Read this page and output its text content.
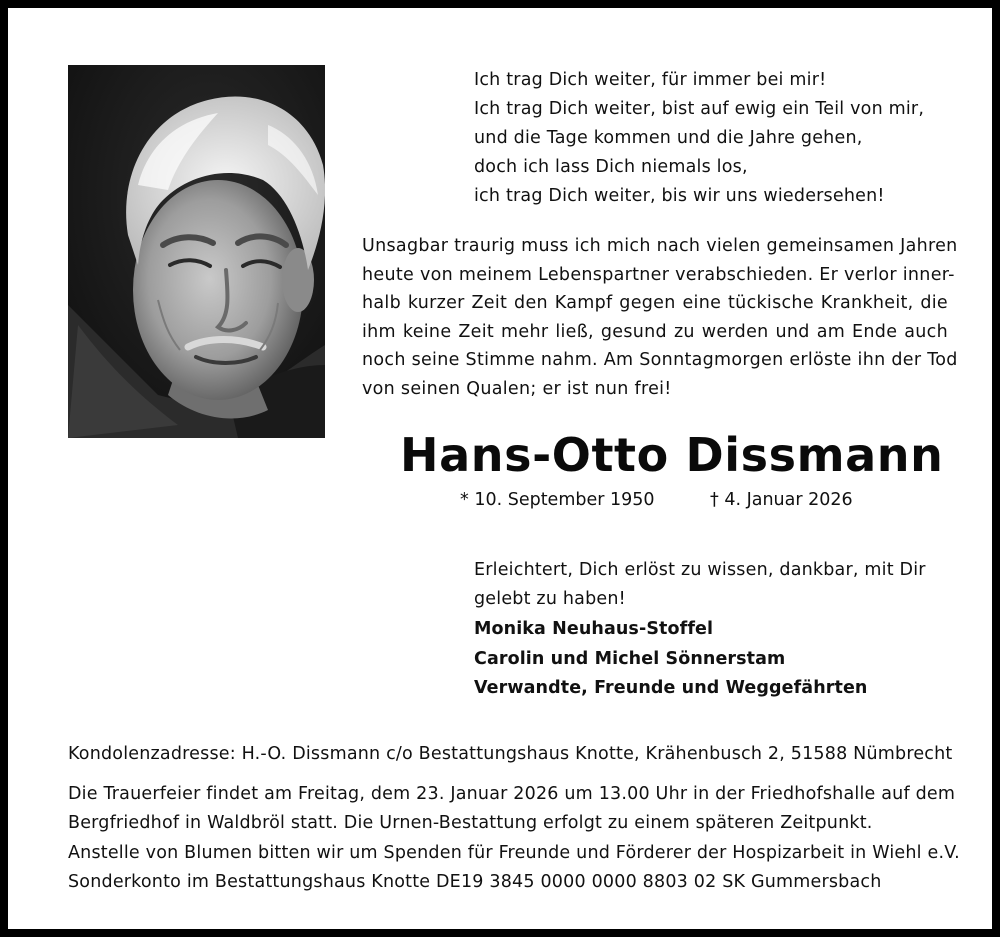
Ich trag Dich weiter, für immer bei mir!
Ich trag Dich weiter, bist auf ewig ein Teil von mir,
und die Tage kommen und die Jahre gehen,
doch ich lass Dich niemals los,
ich trag Dich weiter, bis wir uns wiedersehen!
Unsagbar traurig muss ich mich nach vielen gemeinsamen Jahren
heute von meinem Lebenspartner verabschieden. Er verlor inner-
halb kurzer Zeit den Kampf gegen eine tückische Krankheit, die
ihm keine Zeit mehr ließ, gesund zu werden und am Ende auch
noch seine Stimme nahm. Am Sonntagmorgen erlöste ihn der Tod
von seinen Qualen; er ist nun frei!
Hans-Otto Dissmann
* 10. September 1950	† 4. Januar 2026
Erleichtert, Dich erlöst zu wissen, dankbar, mit Dir
gelebt zu haben!
Monika Neuhaus-Stoffel
Carolin und Michel Sönnerstam
Verwandte, Freunde und Weggefährten
Kondolenzadresse: H.-O. Dissmann c/o Bestattungshaus Knotte, Krähenbusch 2, 51588 Nümbrecht
Die Trauerfeier findet am Freitag, dem 23. Januar 2026 um 13.00 Uhr in der Friedhofshalle auf dem
Bergfriedhof in Waldbröl statt. Die Urnen-Bestattung erfolgt zu einem späteren Zeitpunkt.
Anstelle von Blumen bitten wir um Spenden für Freunde und Förderer der Hospizarbeit in Wiehl e.V.
Sonderkonto im Bestattungshaus Knotte DE19 3845 0000 0000 8803 02 SK Gummersbach
